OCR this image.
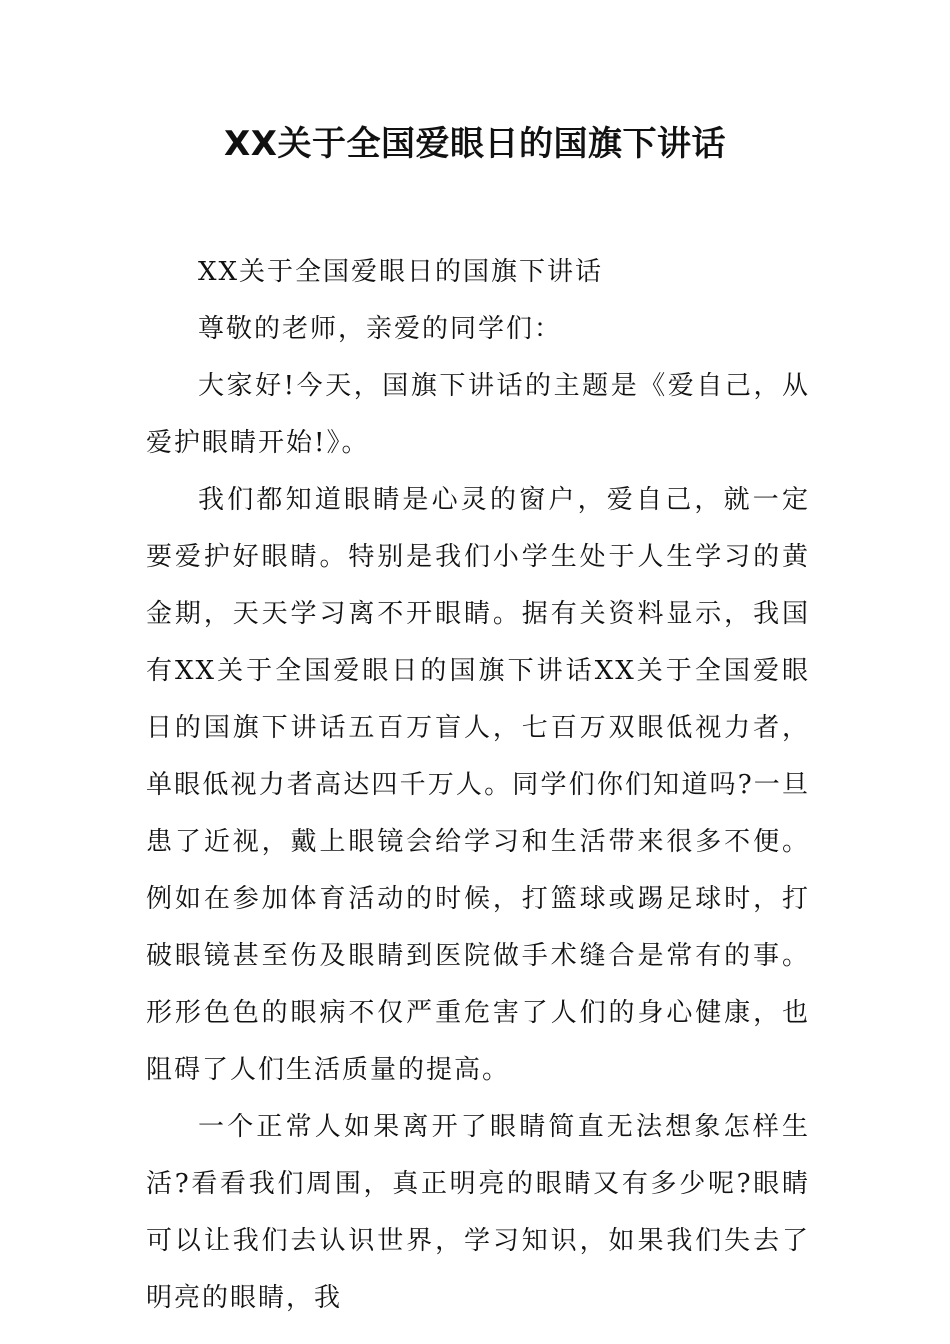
XX关于全国爱眼日的国旗下讲话

XX关于全国爱眼日的国旗下讲话

尊敬的老师，亲爱的同学们：

大家好!今天，国旗下讲话的主题是《爱自己，从爱护眼睛开始!》。

我们都知道眼睛是心灵的窗户，爱自己，就一定要爱护好眼睛。特别是我们小学生处于人生学习的黄金期，天天学习离不开眼睛。据有关资料显示，我国有XX关于全国爱眼日的国旗下讲话XX关于全国爱眼日的国旗下讲话五百万盲人，七百万双眼低视力者，单眼低视力者高达四千万人。同学们你们知道吗?一旦患了近视，戴上眼镜会给学习和生活带来很多不便。例如在参加体育活动的时候，打篮球或踢足球时，打破眼镜甚至伤及眼睛到医院做手术缝合是常有的事。形形色色的眼病不仅严重危害了人们的身心健康，也阻碍了人们生活质量的提高。

一个正常人如果离开了眼睛简直无法想象怎样生活?看看我们周围，真正明亮的眼睛又有多少呢?眼睛可以让我们去认识世界，学习知识，如果我们失去了明亮的眼睛，我
